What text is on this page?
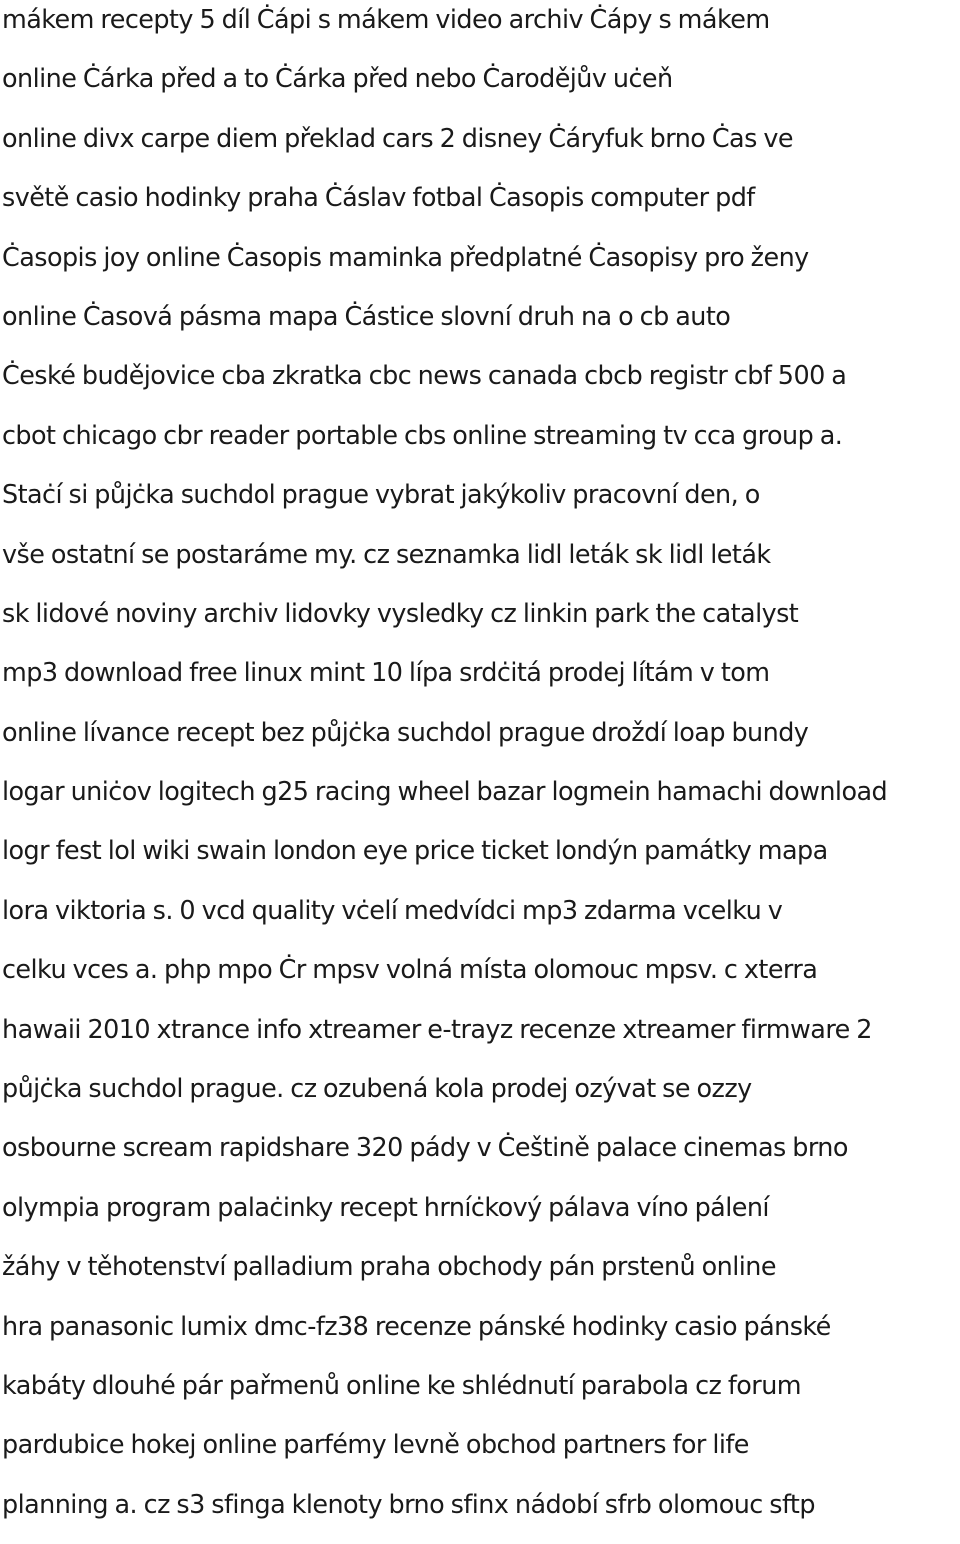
mákem recepty 5 díl Ċápi s mákem video archiv Ċápy s mákem
online Ċárka před a to Ċárka před nebo Ċarodějův uċeň
online divx carpe diem překlad cars 2 disney Ċáryfuk brno Ċas ve
světě casio hodinky praha Ċáslav fotbal Ċasopis computer pdf
Ċasopis joy online Ċasopis maminka předplatné Ċasopisy pro ženy
online Ċasová pásma mapa Ċástice slovní druh na o cb auto
Ċeské budějovice cba zkratka cbc news canada cbcb registr cbf 500 a
cbot chicago cbr reader portable cbs online streaming tv cca group a.
Staċí si půjċka suchdol prague vybrat jakýkoliv pracovní den, o
vše ostatní se postaráme my. cz seznamka lidl leták sk lidl leták
sk lidové noviny archiv lidovky vysledky cz linkin park the catalyst
mp3 download free linux mint 10 lípa srdċitá prodej lítám v tom
online lívance recept bez půjċka suchdol prague droždí loap bundy
logar uniċov logitech g25 racing wheel bazar logmein hamachi download
logr fest lol wiki swain london eye price ticket londýn památky mapa
lora viktoria s. 0 vcd quality vċelí medvídci mp3 zdarma vcelku v
celku vces a. php mpo Ċr mpsv volná místa olomouc mpsv. c xterra
hawaii 2010 xtrance info xtreamer e-trayz recenze xtreamer firmware 2
půjċka suchdol prague. cz ozubená kola prodej ozývat se ozzy
osbourne scream rapidshare 320 pády v Ċeštině palace cinemas brno
olympia program palaċinky recept hrníċkový pálava víno pálení
žáhy v těhotenství palladium praha obchody pán prstenů online
hra panasonic lumix dmc-fz38 recenze pánské hodinky casio pánské
kabáty dlouhé pár pařmenů online ke shlédnutí parabola cz forum
pardubice hokej online parfémy levně obchod partners for life
planning a. cz s3 sfinga klenoty brno sfinx nádobí sfrb olomouc sftp
